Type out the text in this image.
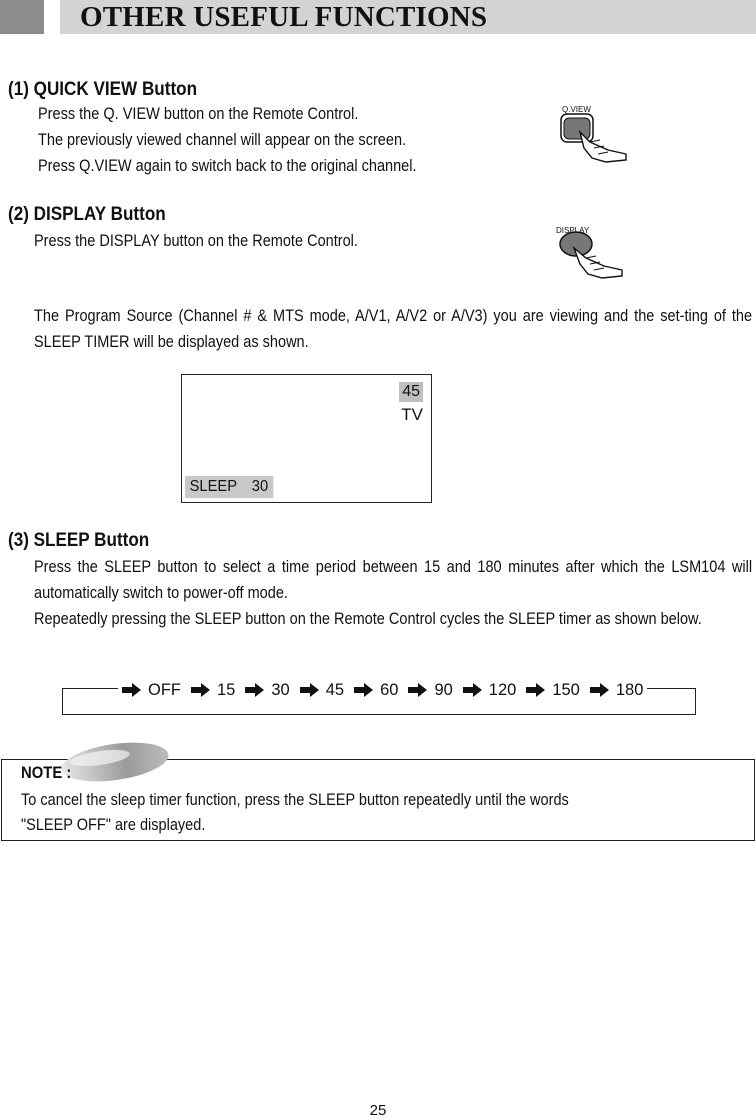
OTHER USEFUL FUNCTIONS
(1) QUICK VIEW Button
Press the Q. VIEW button on the Remote Control.
The previously viewed channel will appear on the screen.
Press Q.VIEW again to switch back to the original channel.
Q.VIEW
(2) DISPLAY Button
Press the DISPLAY button on the Remote Control.
DISPLAY
The Program Source (Channel # & MTS mode, A/V1, A/V2 or A/V3) you are viewing and the set-ting of the SLEEP TIMER will be displayed as shown.
45
TV
SLEEP 30
(3) SLEEP Button
Press the SLEEP button to select a time period between 15 and 180 minutes after which the LSM104 will automatically switch to power-off mode.
Repeatedly pressing the SLEEP button on the Remote Control cycles the SLEEP timer as shown below.
OFF 15 30 45 60 90 120 150 180
NOTE :
To cancel the sleep timer function, press the SLEEP button repeatedly until the words
"SLEEP OFF" are displayed.
25
